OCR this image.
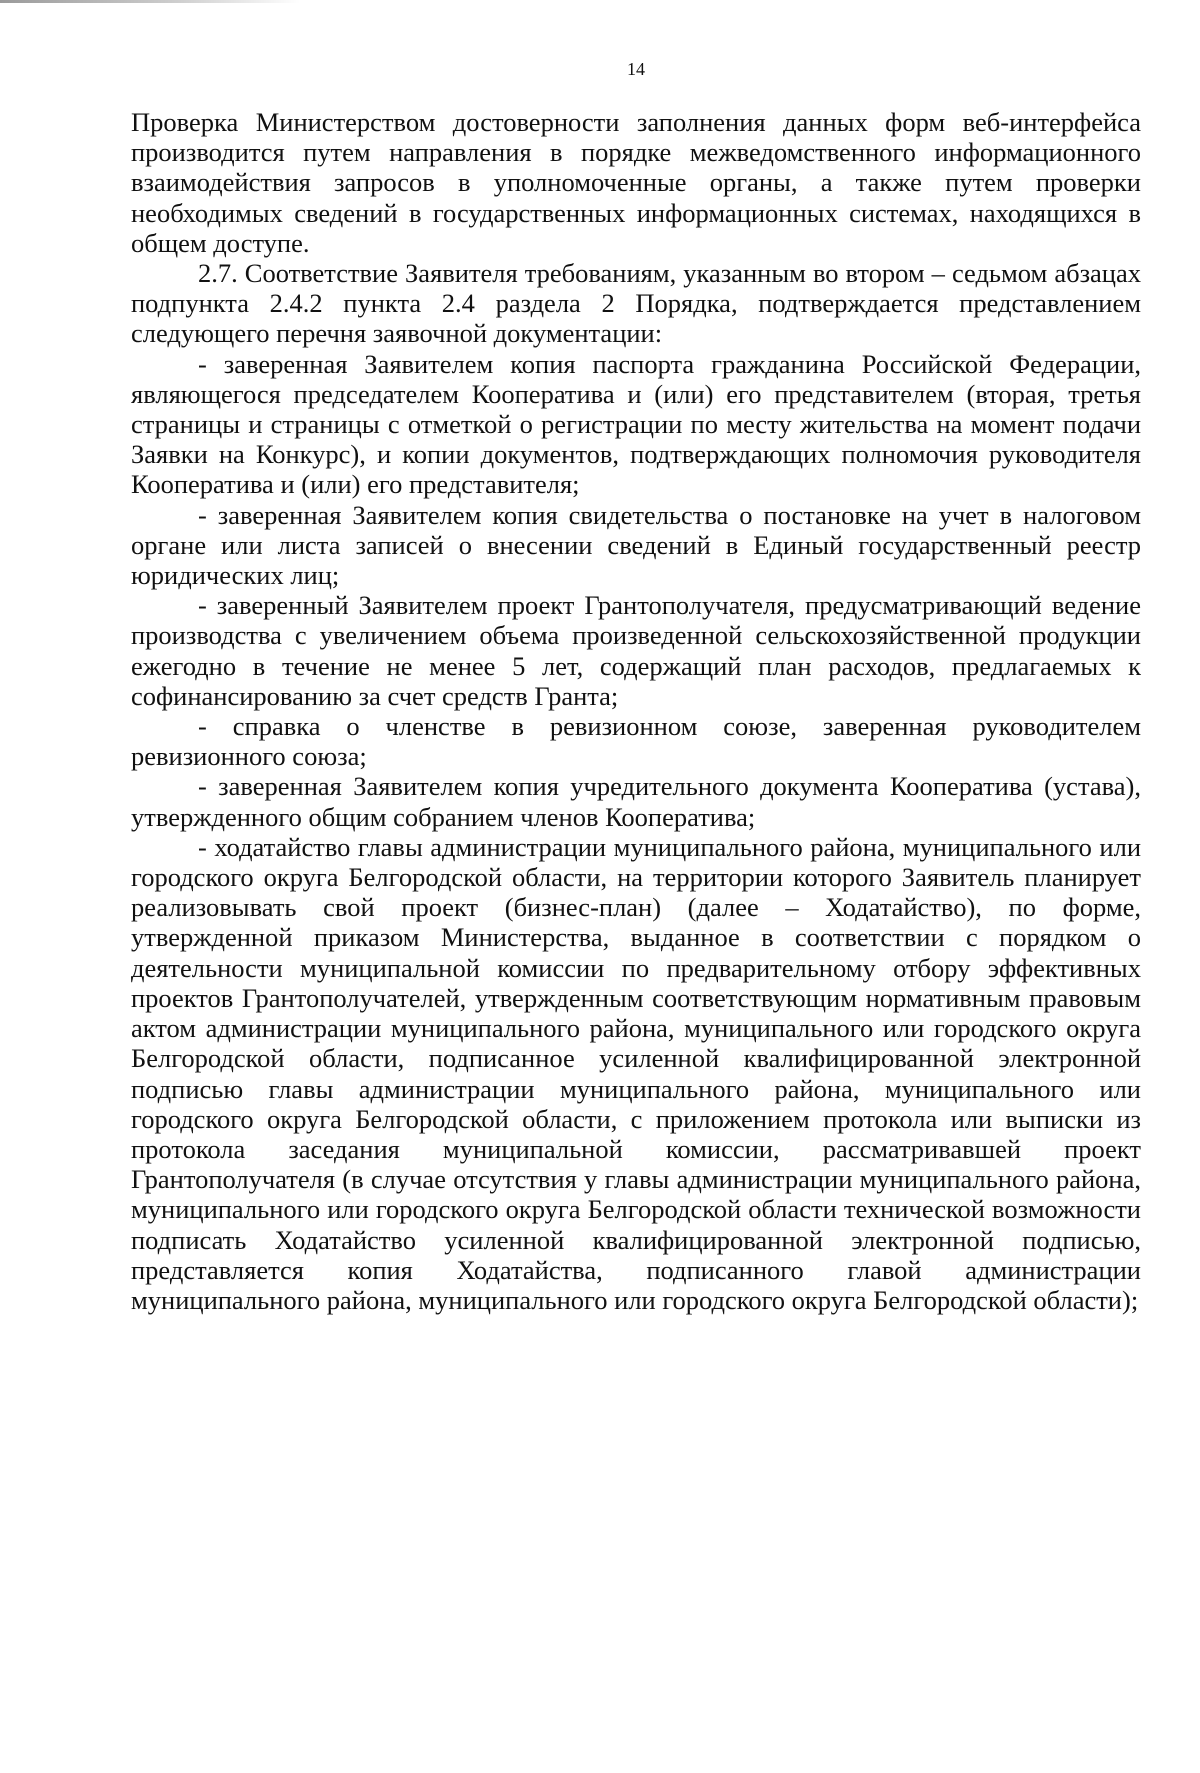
14

Проверка Министерством достоверности заполнения данных форм веб-интерфейса производится путем направления в порядке межведомственного информационного взаимодействия запросов в уполномоченные органы, а также путем проверки необходимых сведений в государственных информационных системах, находящихся в общем доступе.

2.7. Соответствие Заявителя требованиям, указанным во втором – седьмом абзацах подпункта 2.4.2 пункта 2.4 раздела 2 Порядка, подтверждается представлением следующего перечня заявочной документации:

- заверенная Заявителем копия паспорта гражданина Российской Федерации, являющегося председателем Кооператива и (или) его представителем (вторая, третья страницы и страницы с отметкой о регистрации по месту жительства на момент подачи Заявки на Конкурс), и копии документов, подтверждающих полномочия руководителя Кооператива и (или) его представителя;

- заверенная Заявителем копия свидетельства о постановке на учет в налоговом органе или листа записей о внесении сведений в Единый государственный реестр юридических лиц;

- заверенный Заявителем проект Грантополучателя, предусматривающий ведение производства с увеличением объема произведенной сельскохозяйственной продукции ежегодно в течение не менее 5 лет, содержащий план расходов, предлагаемых к софинансированию за счет средств Гранта;

- справка о членстве в ревизионном союзе, заверенная руководителем ревизионного союза;

- заверенная Заявителем копия учредительного документа Кооператива (устава), утвержденного общим собранием членов Кооператива;

- ходатайство главы администрации муниципального района, муниципального или городского округа Белгородской области, на территории которого Заявитель планирует реализовывать свой проект (бизнес-план) (далее – Ходатайство), по форме, утвержденной приказом Министерства, выданное в соответствии с порядком о деятельности муниципальной комиссии по предварительному отбору эффективных проектов Грантополучателей, утвержденным соответствующим нормативным правовым актом администрации муниципального района, муниципального или городского округа Белгородской области, подписанное усиленной квалифицированной электронной подписью главы администрации муниципального района, муниципального или городского округа Белгородской области, с приложением протокола или выписки из протокола заседания муниципальной комиссии, рассматривавшей проект Грантополучателя (в случае отсутствия у главы администрации муниципального района, муниципального или городского округа Белгородской области технической возможности подписать Ходатайство усиленной квалифицированной электронной подписью, представляется копия Ходатайства, подписанного главой администрации муниципального района, муниципального или городского округа Белгородской области);
